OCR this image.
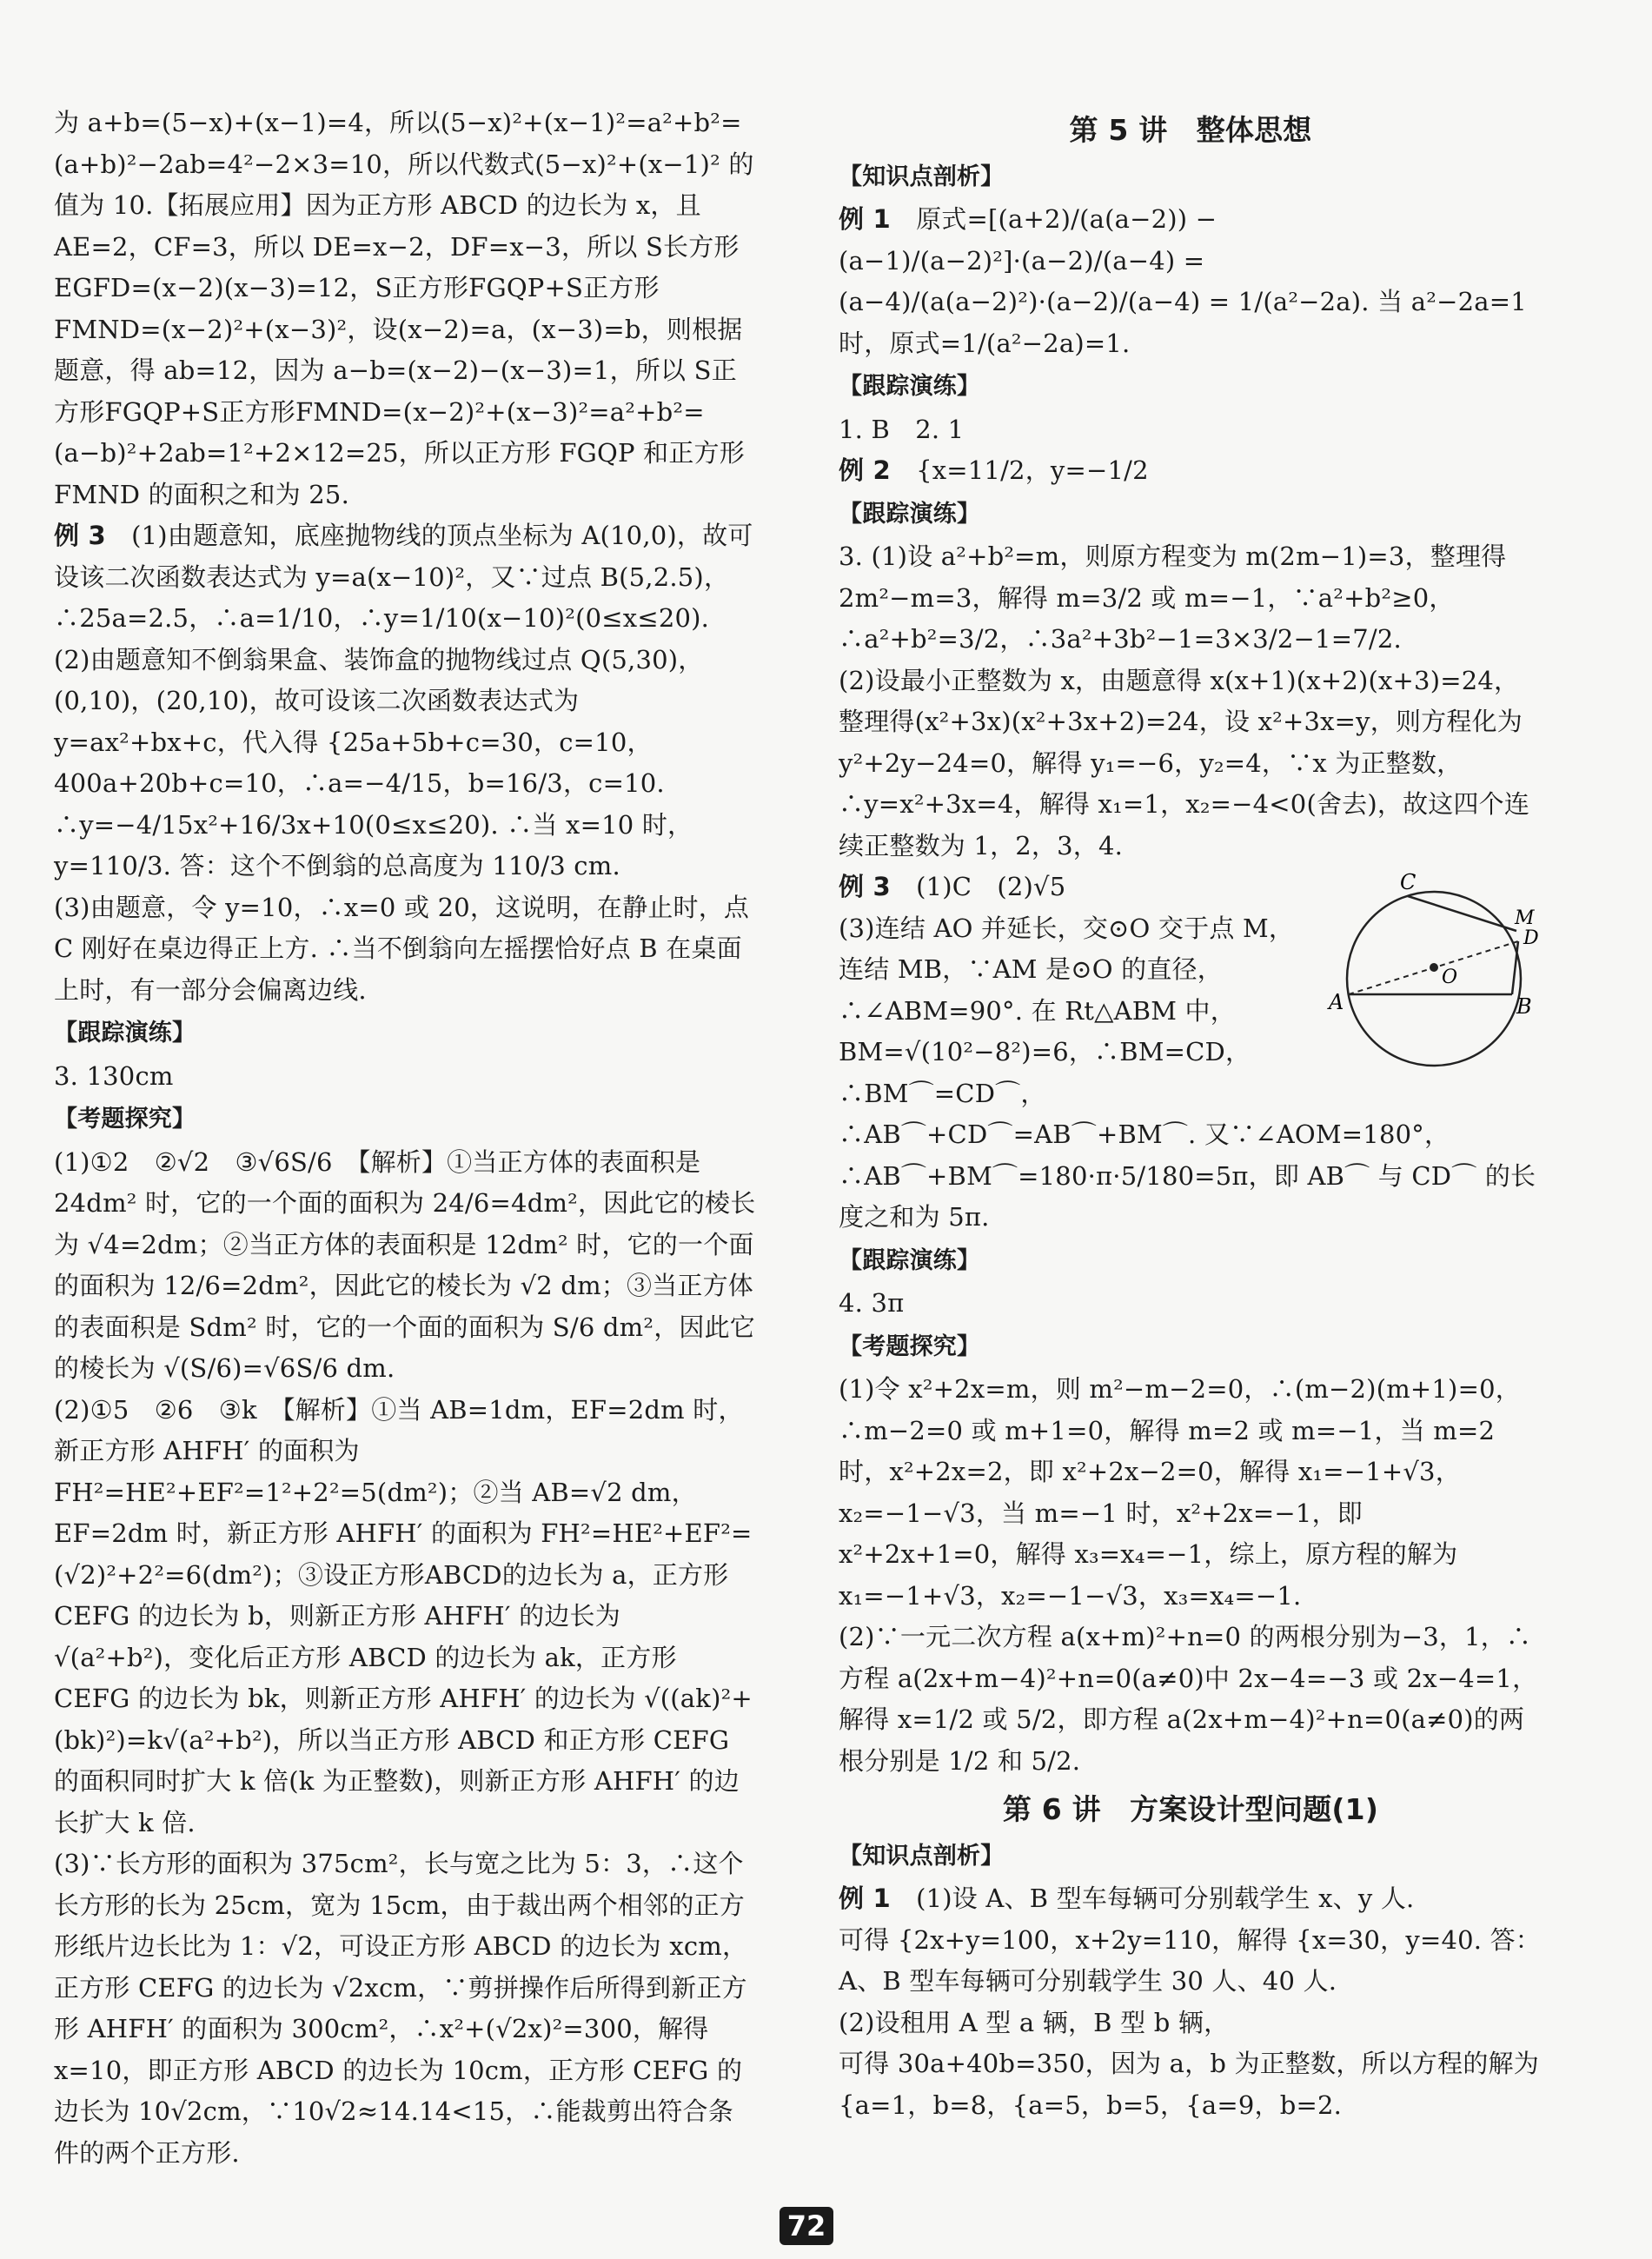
为 a+b=(5−x)+(x−1)=4，所以(5−x)²+(x−1)²=a²+b²=(a+b)²−2ab=4²−2×3=10，所以代数式(5−x)²+(x−1)² 的值为 10.【拓展应用】因为正方形 ABCD 的边长为 x，且 AE=2，CF=3，所以 DE=x−2，DF=x−3，所以 S长方形EGFD=(x−2)(x−3)=12，S正方形FGQP+S正方形FMND=(x−2)²+(x−3)²，设(x−2)=a，(x−3)=b，则根据题意，得 ab=12，因为 a−b=(x−2)−(x−3)=1，所以 S正方形FGQP+S正方形FMND=(x−2)²+(x−3)²=a²+b²=(a−b)²+2ab=1²+2×12=25，所以正方形 FGQP 和正方形 FMND 的面积之和为 25.

例 3　 (1)由题意知，底座抛物线的顶点坐标为 A(10,0)，故可设该二次函数表达式为 y=a(x−10)²，又∵过点 B(5,2.5)，∴25a=2.5，∴a=1/10，∴y=1/10(x−10)²(0≤x≤20).

(2)由题意知不倒翁果盒、装饰盒的抛物线过点 Q(5,30)，(0,10)，(20,10)，故可设该二次函数表达式为 y=ax²+bx+c，代入得 {25a+5b+c=30，c=10，400a+20b+c=10，∴a=−4/15，b=16/3，c=10. ∴y=−4/15x²+16/3x+10(0≤x≤20). ∴当 x=10 时，y=110/3. 答：这个不倒翁的总高度为 110/3 cm.

(3)由题意，令 y=10，∴x=0 或 20，这说明，在静止时，点 C 刚好在桌边得正上方. ∴当不倒翁向左摇摆恰好点 B 在桌面上时，有一部分会偏离边线.

【跟踪演练】

3. 130cm

【考题探究】

(1)①2　②√2　③√6S/6　【解析】①当正方体的表面积是 24dm² 时，它的一个面的面积为 24/6=4dm²，因此它的棱长为 √4=2dm；②当正方体的表面积是 12dm² 时，它的一个面的面积为 12/6=2dm²，因此它的棱长为 √2 dm；③当正方体的表面积是 Sdm² 时，它的一个面的面积为 S/6 dm²，因此它的棱长为 √(S/6)=√6S/6 dm.

(2)①5　②6　③k　【解析】①当 AB=1dm，EF=2dm 时，新正方形 AHFH′ 的面积为 FH²=HE²+EF²=1²+2²=5(dm²)；②当 AB=√2 dm，EF=2dm 时，新正方形 AHFH′ 的面积为 FH²=HE²+EF²=(√2)²+2²=6(dm²)；③设正方形ABCD的边长为 a，正方形 CEFG 的边长为 b，则新正方形 AHFH′ 的边长为 √(a²+b²)，变化后正方形 ABCD 的边长为 ak，正方形 CEFG 的边长为 bk，则新正方形 AHFH′ 的边长为 √((ak)²+(bk)²)=k√(a²+b²)，所以当正方形 ABCD 和正方形 CEFG 的面积同时扩大 k 倍(k 为正整数)，则新正方形 AHFH′ 的边长扩大 k 倍.

(3)∵长方形的面积为 375cm²，长与宽之比为 5：3，∴这个长方形的长为 25cm，宽为 15cm，由于裁出两个相邻的正方形纸片边长比为 1：√2，可设正方形 ABCD 的边长为 xcm，正方形 CEFG 的边长为 √2xcm，∵剪拼操作后所得到新正方形 AHFH′ 的面积为 300cm²，∴x²+(√2x)²=300，解得 x=10，即正方形 ABCD 的边长为 10cm，正方形 CEFG 的边长为 10√2cm，∵10√2≈14.14<15，∴能裁剪出符合条件的两个正方形.

第 5 讲　整体思想
【知识点剖析】

例 1　 原式=[(a+2)/(a(a−2)) − (a−1)/(a−2)²]·(a−2)/(a−4) = (a−4)/(a(a−2)²)·(a−2)/(a−4) = 1/(a²−2a). 当 a²−2a=1 时，原式=1/(a²−2a)=1.

【跟踪演练】

1. B　2. 1

例 2　 {x=11/2，y=−1/2

【跟踪演练】

3. (1)设 a²+b²=m，则原方程变为 m(2m−1)=3，整理得 2m²−m=3，解得 m=3/2 或 m=−1，∵a²+b²≥0，∴a²+b²=3/2，∴3a²+3b²−1=3×3/2−1=7/2.

(2)设最小正整数为 x，由题意得 x(x+1)(x+2)(x+3)=24，整理得(x²+3x)(x²+3x+2)=24，设 x²+3x=y，则方程化为 y²+2y−24=0，解得 y₁=−6，y₂=4，∵x 为正整数，∴y=x²+3x=4，解得 x₁=1，x₂=−4<0(舍去)，故这四个连续正整数为 1，2，3，4.

C
M
D
O
A	B

例 3　 (1)C　(2)√5

(3)连结 AO 并延长，交⊙O 交于点 M，连结 MB，∵AM 是⊙O 的直径，∴∠ABM=90°. 在 Rt△ABM 中，BM=√(10²−8²)=6，∴BM=CD，∴BM⌒=CD⌒，∴AB⌒+CD⌒=AB⌒+BM⌒. 又∵∠AOM=180°，∴AB⌒+BM⌒=180·π·5/180=5π，即 AB⌒ 与 CD⌒ 的长度之和为 5π.

【跟踪演练】

4. 3π

【考题探究】

(1)令 x²+2x=m，则 m²−m−2=0，∴(m−2)(m+1)=0，∴m−2=0 或 m+1=0，解得 m=2 或 m=−1，当 m=2 时，x²+2x=2，即 x²+2x−2=0，解得 x₁=−1+√3，x₂=−1−√3，当 m=−1 时，x²+2x=−1，即 x²+2x+1=0，解得 x₃=x₄=−1，综上，原方程的解为 x₁=−1+√3，x₂=−1−√3，x₃=x₄=−1.

(2)∵一元二次方程 a(x+m)²+n=0 的两根分别为−3，1，∴方程 a(2x+m−4)²+n=0(a≠0)中 2x−4=−3 或 2x−4=1，解得 x=1/2 或 5/2，即方程 a(2x+m−4)²+n=0(a≠0)的两根分别是 1/2 和 5/2.

第 6 讲　方案设计型问题(1)
【知识点剖析】

例 1　 (1)设 A、B 型车每辆可分别载学生 x、y 人.

可得 {2x+y=100，x+2y=110，解得 {x=30，y=40. 答：A、B 型车每辆可分别载学生 30 人、40 人.

(2)设租用 A 型 a 辆，B 型 b 辆，

可得 30a+40b=350，因为 a，b 为正整数，所以方程的解为 {a=1，b=8，{a=5，b=5，{a=9，b=2.

72
